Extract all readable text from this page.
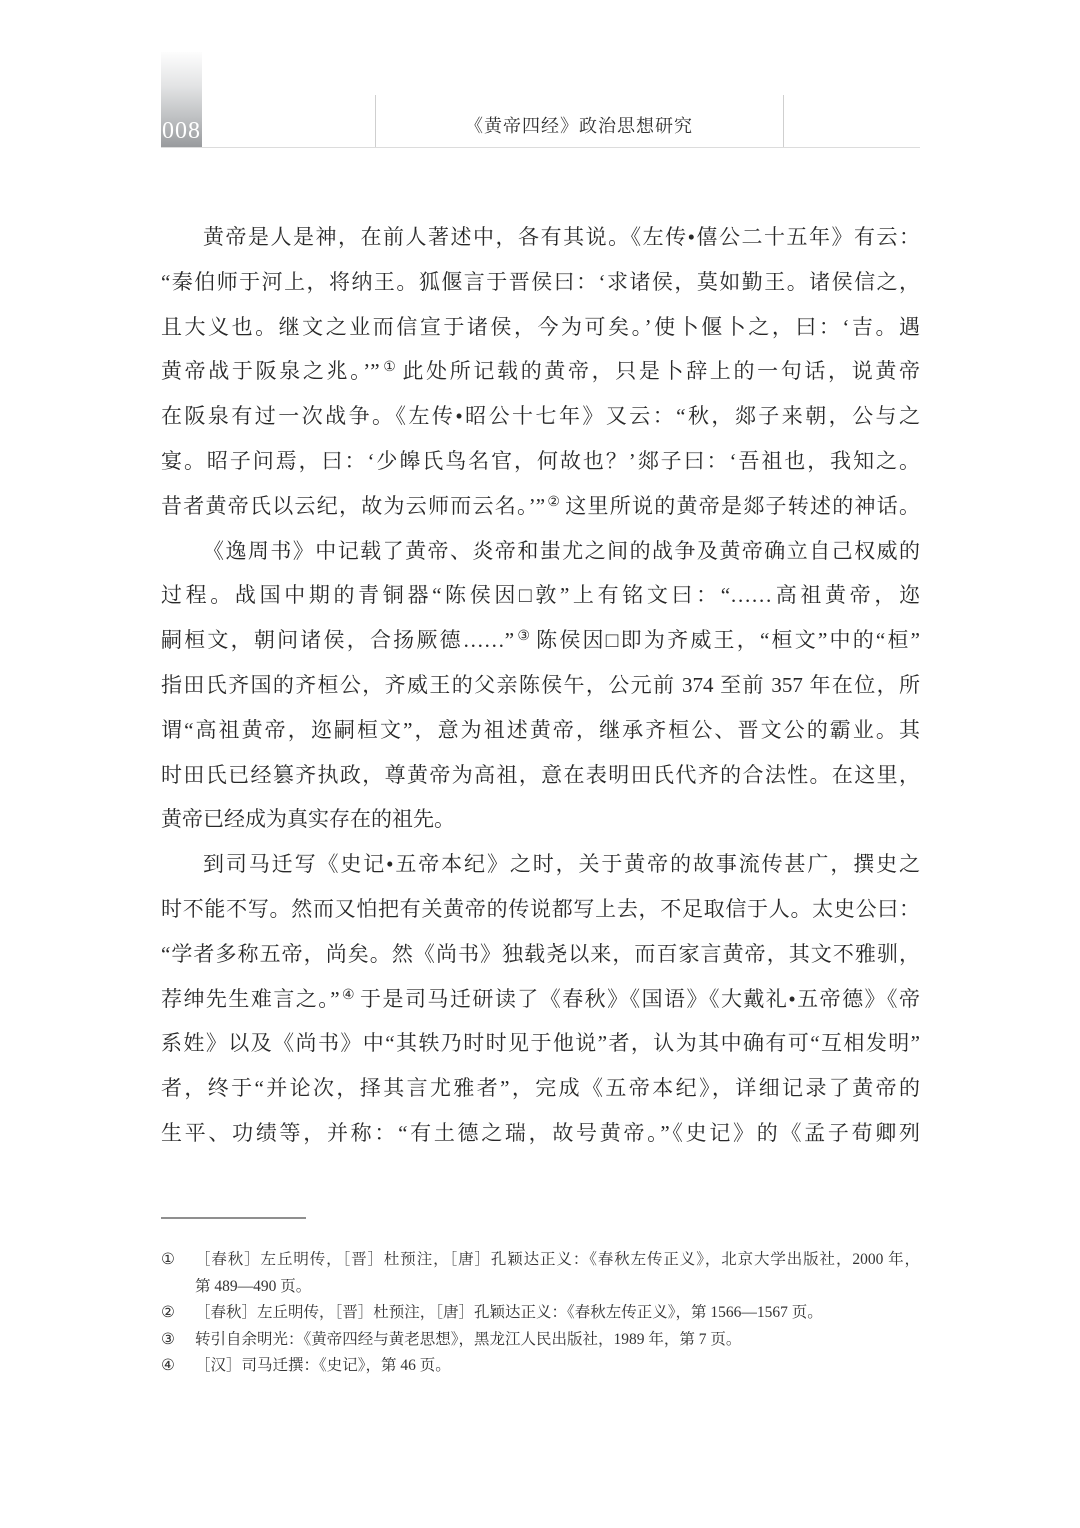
008	《黄帝四经》政治思想研究
黄帝是人是神，在前人著述中，各有其说。《左传•僖公二十五年》有云：
“秦伯师于河上，将纳王。狐偃言于晋侯曰：‘求诸侯，莫如勤王。诸侯信之，
且大义也。继文之业而信宣于诸侯，今为可矣。’使卜偃卜之，曰：‘吉。遇
黄帝战于阪泉之兆。’”① 此处所记载的黄帝，只是卜辞上的一句话，说黄帝
在阪泉有过一次战争。《左传•昭公十七年》又云：“秋，郯子来朝，公与之
宴。昭子问焉，曰：‘少皞氏鸟名官，何故也？’郯子曰：‘吾祖也，我知之。
昔者黄帝氏以云纪，故为云师而云名。’”② 这里所说的黄帝是郯子转述的神话。
《逸周书》中记载了黄帝、炎帝和蚩尤之间的战争及黄帝确立自己权威的
过程。战国中期的青铜器“陈侯因□敦”上有铭文曰：“……高祖黄帝，迩
嗣桓文，朝问诸侯，合扬厥德……”③ 陈侯因□即为齐威王，“桓文”中的“桓”
指田氏齐国的齐桓公，齐威王的父亲陈侯午，公元前 374 至前 357 年在位，所
谓“高祖黄帝，迩嗣桓文”，意为祖述黄帝，继承齐桓公、晋文公的霸业。其
时田氏已经篡齐执政，尊黄帝为高祖，意在表明田氏代齐的合法性。在这里，
黄帝已经成为真实存在的祖先。
到司马迁写《史记•五帝本纪》之时，关于黄帝的故事流传甚广，撰史之
时不能不写。然而又怕把有关黄帝的传说都写上去，不足取信于人。太史公曰：
“学者多称五帝，尚矣。然《尚书》独载尧以来，而百家言黄帝，其文不雅驯，
荐绅先生难言之。”④ 于是司马迁研读了《春秋》《国语》《大戴礼•五帝德》《帝
系姓》以及《尚书》中“其轶乃时时见于他说”者，认为其中确有可“互相发明”
者，终于“并论次，择其言尤雅者”，完成《五帝本纪》，详细记录了黄帝的
生平、功绩等，并称：“有土德之瑞，故号黄帝。”《史记》的《孟子荀卿列
①	［春秋］左丘明传，［晋］杜预注，［唐］孔颖达正义：《春秋左传正义》，北京大学出版社，2000 年，
第 489—490 页。
②	［春秋］左丘明传，［晋］杜预注，［唐］孔颖达正义：《春秋左传正义》，第 1566—1567 页。
③	转引自余明光：《黄帝四经与黄老思想》，黑龙江人民出版社，1989 年，第 7 页。
④	［汉］司马迁撰：《史记》，第 46 页。
